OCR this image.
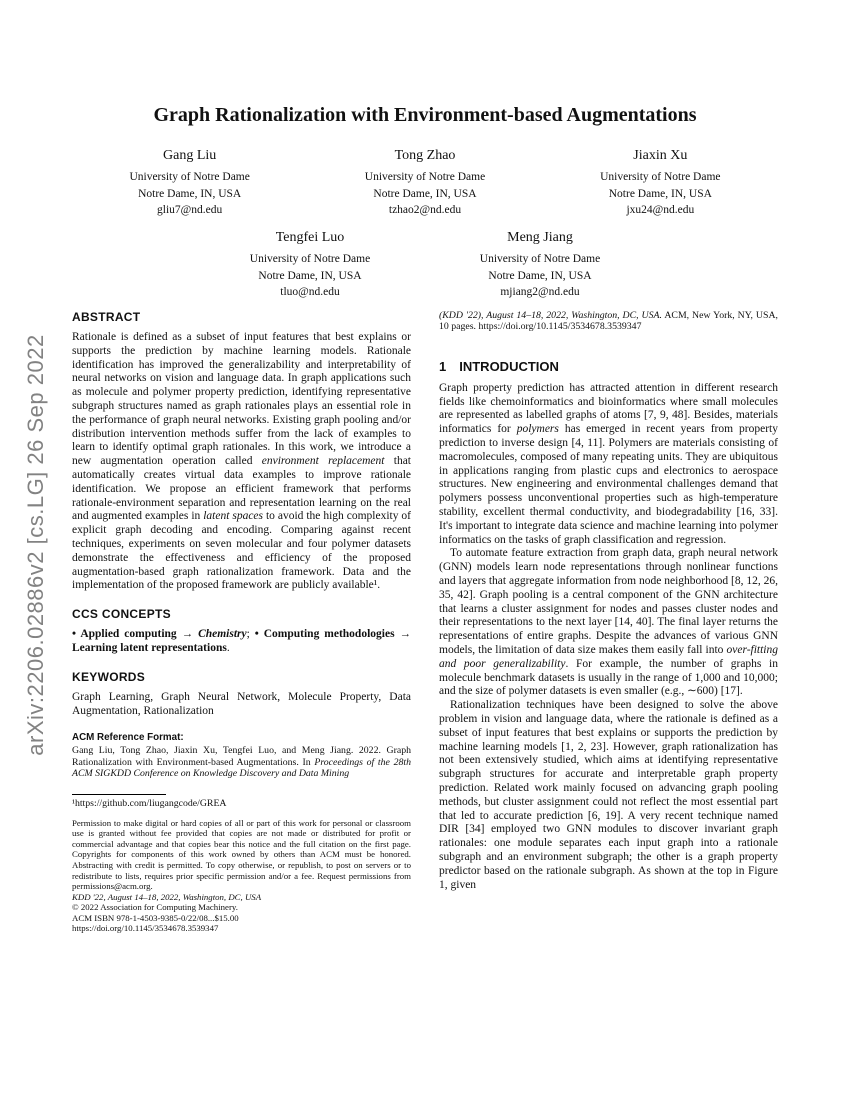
arXiv:2206.02886v2 [cs.LG] 26 Sep 2022
Graph Rationalization with Environment-based Augmentations
Gang Liu
University of Notre Dame
Notre Dame, IN, USA
gliu7@nd.edu
Tong Zhao
University of Notre Dame
Notre Dame, IN, USA
tzhao2@nd.edu
Jiaxin Xu
University of Notre Dame
Notre Dame, IN, USA
jxu24@nd.edu
Tengfei Luo
University of Notre Dame
Notre Dame, IN, USA
tluo@nd.edu
Meng Jiang
University of Notre Dame
Notre Dame, IN, USA
mjiang2@nd.edu
ABSTRACT

Rationale is defined as a subset of input features that best explains or supports the prediction by machine learning models. Rationale identification has improved the generalizability and interpretability of neural networks on vision and language data. In graph applications such as molecule and polymer property prediction, identifying representative subgraph structures named as graph rationales plays an essential role in the performance of graph neural networks. Existing graph pooling and/or distribution intervention methods suffer from the lack of examples to learn to identify optimal graph rationales. In this work, we introduce a new augmentation operation called environment replacement that automatically creates virtual data examples to improve rationale identification. We propose an efficient framework that performs rationale-environment separation and representation learning on the real and augmented examples in latent spaces to avoid the high complexity of explicit graph decoding and encoding. Comparing against recent techniques, experiments on seven molecular and four polymer datasets demonstrate the effectiveness and efficiency of the proposed augmentation-based graph rationalization framework. Data and the implementation of the proposed framework are publicly available¹.

CCS CONCEPTS

• Applied computing → Chemistry; • Computing methodologies → Learning latent representations.

KEYWORDS

Graph Learning, Graph Neural Network, Molecule Property, Data Augmentation, Rationalization

ACM Reference Format:

Gang Liu, Tong Zhao, Jiaxin Xu, Tengfei Luo, and Meng Jiang. 2022. Graph Rationalization with Environment-based Augmentations. In Proceedings of the 28th ACM SIGKDD Conference on Knowledge Discovery and Data Mining

¹https://github.com/liugangcode/GREA

Permission to make digital or hard copies of all or part of this work for personal or classroom use is granted without fee provided that copies are not made or distributed for profit or commercial advantage and that copies bear this notice and the full citation on the first page. Copyrights for components of this work owned by others than ACM must be honored. Abstracting with credit is permitted. To copy otherwise, or republish, to post on servers or to redistribute to lists, requires prior specific permission and/or a fee. Request permissions from permissions@acm.org.

KDD '22, August 14–18, 2022, Washington, DC, USA

© 2022 Association for Computing Machinery.

ACM ISBN 978-1-4503-9385-0/22/08...$15.00

https://doi.org/10.1145/3534678.3539347

(KDD '22), August 14–18, 2022, Washington, DC, USA. ACM, New York, NY, USA, 10 pages. https://doi.org/10.1145/3534678.3539347

1 INTRODUCTION

Graph property prediction has attracted attention in different research fields like chemoinformatics and bioinformatics where small molecules are represented as labelled graphs of atoms [7, 9, 48]. Besides, materials informatics for polymers has emerged in recent years from property prediction to inverse design [4, 11]. Polymers are materials consisting of macromolecules, composed of many repeating units. They are ubiquitous in applications ranging from plastic cups and electronics to aerospace structures. New engineering and environmental challenges demand that polymers possess unconventional properties such as high-temperature stability, excellent thermal conductivity, and biodegradability [16, 33]. It's important to integrate data science and machine learning into polymer informatics on the tasks of graph classification and regression.

To automate feature extraction from graph data, graph neural network (GNN) models learn node representations through nonlinear functions and layers that aggregate information from node neighborhood [8, 12, 26, 35, 42]. Graph pooling is a central component of the GNN architecture that learns a cluster assignment for nodes and passes cluster nodes and their representations to the next layer [14, 40]. The final layer returns the representations of entire graphs. Despite the advances of various GNN models, the limitation of data size makes them easily fall into over-fitting and poor generalizability. For example, the number of graphs in molecule benchmark datasets is usually in the range of 1,000 and 10,000; and the size of polymer datasets is even smaller (e.g., ∼600) [17].

Rationalization techniques have been designed to solve the above problem in vision and language data, where the rationale is defined as a subset of input features that best explains or supports the prediction by machine learning models [1, 2, 23]. However, graph rationalization has not been extensively studied, which aims at identifying representative subgraph structures for accurate and interpretable graph property prediction. Related work mainly focused on advancing graph pooling methods, but cluster assignment could not reflect the most essential part that led to accurate prediction [6, 19]. A very recent technique named DIR [34] employed two GNN modules to discover invariant graph rationales: one module separates each input graph into a rationale subgraph and an environment subgraph; the other is a graph property predictor based on the rationale subgraph. As shown at the top in Figure 1, given
